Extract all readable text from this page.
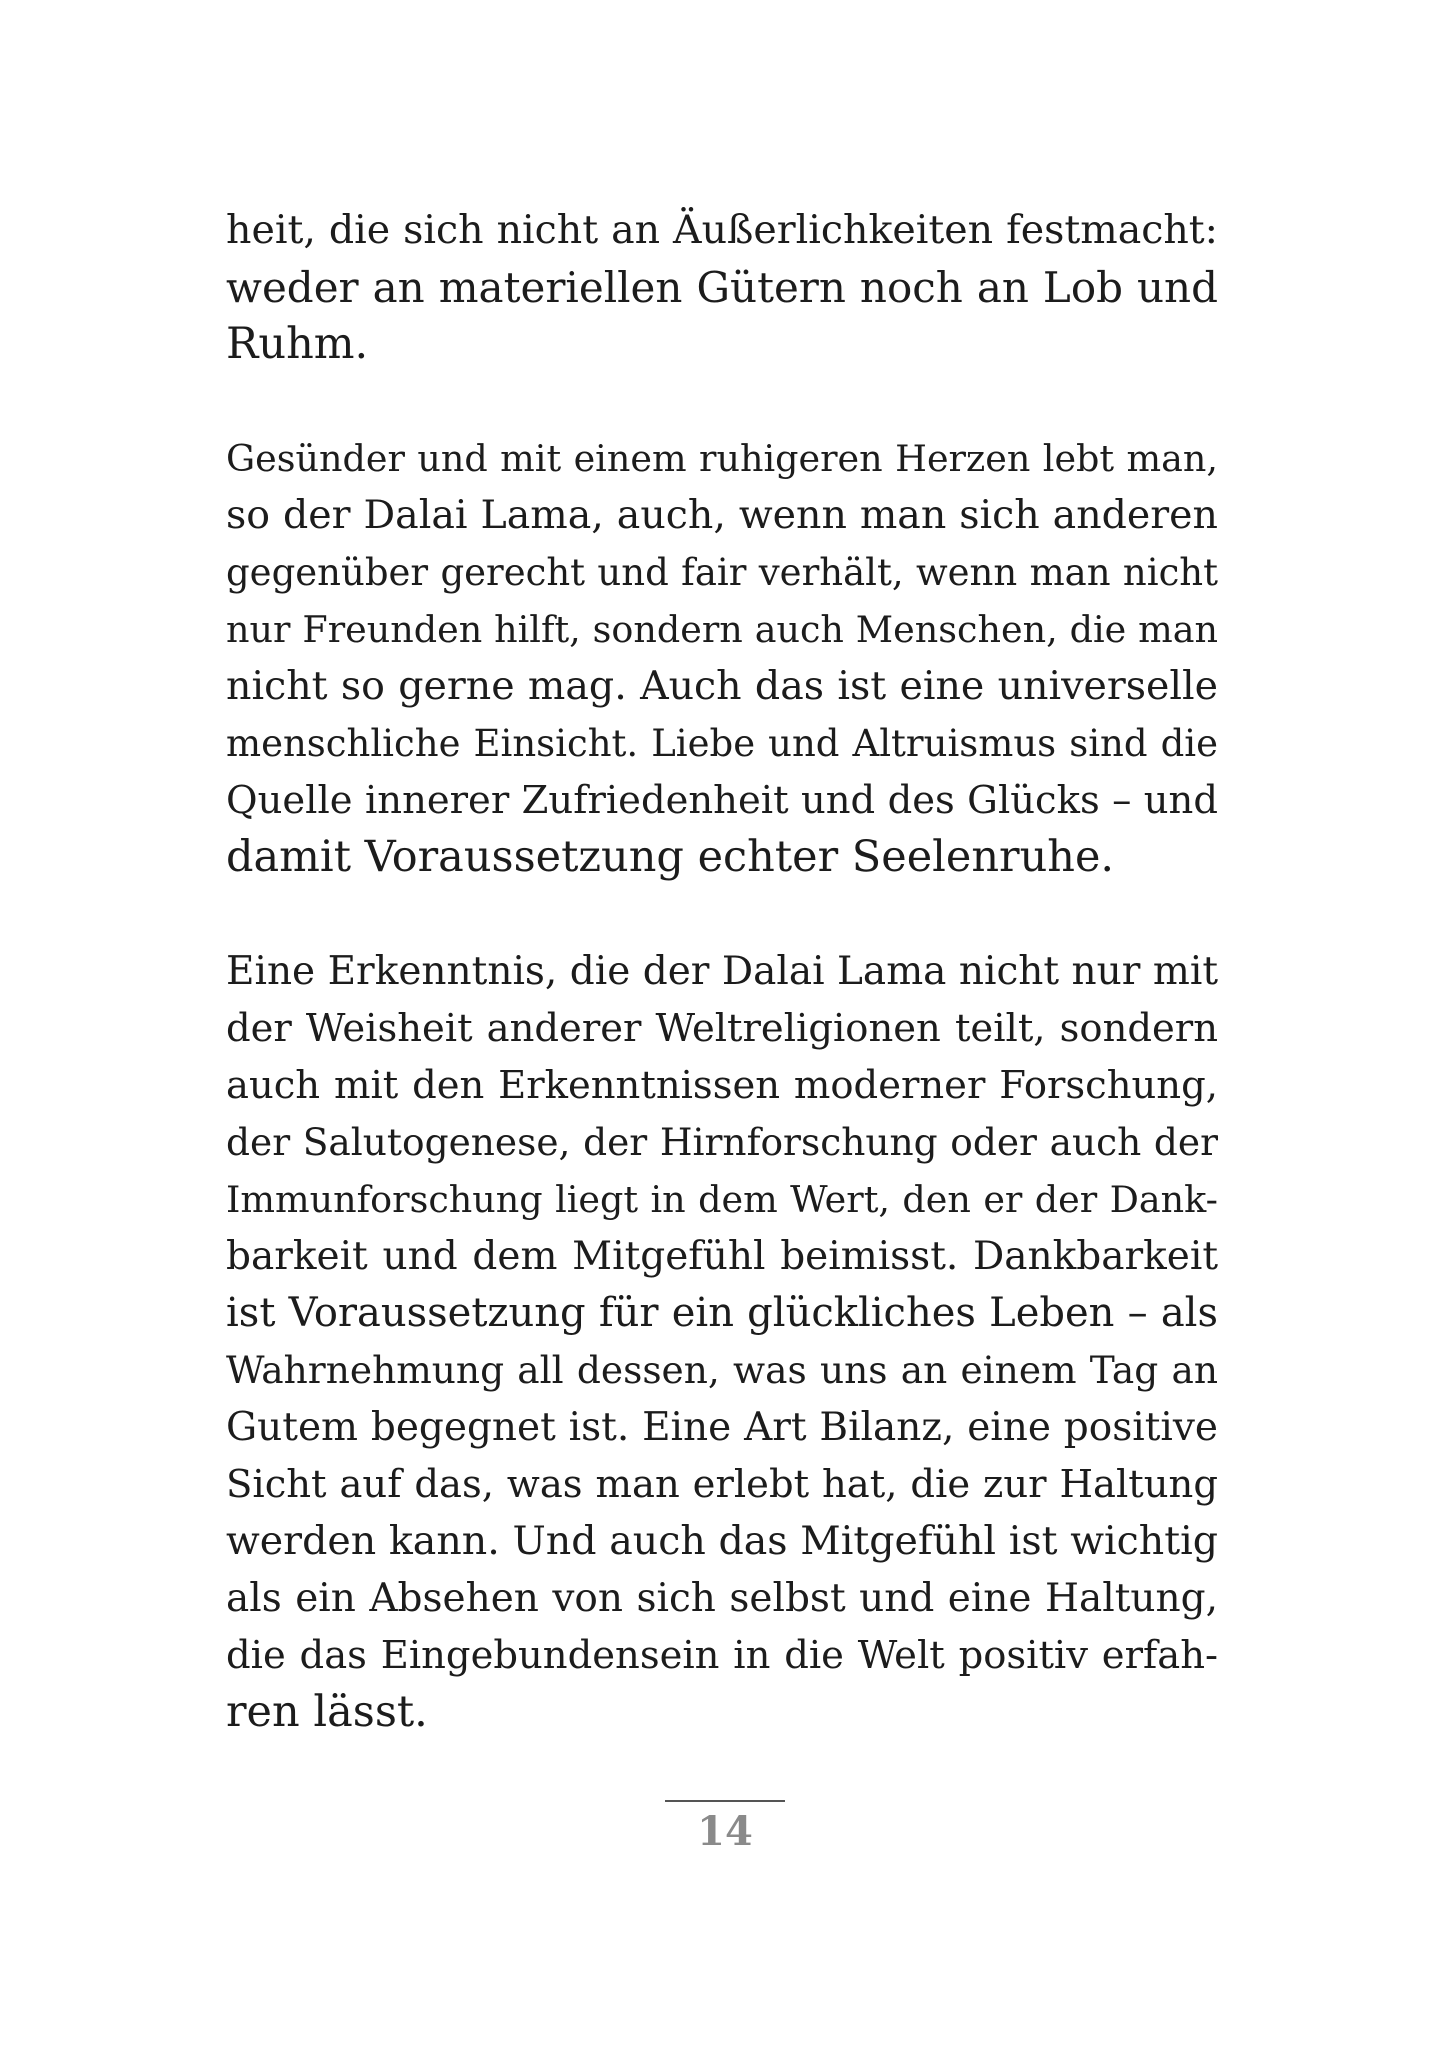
heit, die sich nicht an Äußerlichkeiten festmacht:
weder an materiellen Gütern noch an Lob und
Ruhm.
Gesünder und mit einem ruhigeren Herzen lebt man,
so der Dalai Lama, auch, wenn man sich anderen
gegenüber gerecht und fair verhält, wenn man nicht
nur Freunden hilft, sondern auch Menschen, die man
nicht so gerne mag. Auch das ist eine universelle
menschliche Einsicht. Liebe und Altruismus sind die
Quelle innerer Zufriedenheit und des Glücks – und
damit Voraussetzung echter Seelenruhe.
Eine Erkenntnis, die der Dalai Lama nicht nur mit
der Weisheit anderer Weltreligionen teilt, sondern
auch mit den Erkenntnissen moderner Forschung,
der Salutogenese, der Hirnforschung oder auch der
Immunforschung liegt in dem Wert, den er der Dank-
barkeit und dem Mitgefühl beimisst. Dankbarkeit
ist Voraussetzung für ein glückliches Leben – als
Wahrnehmung all dessen, was uns an einem Tag an
Gutem begegnet ist. Eine Art Bilanz, eine positive
Sicht auf das, was man erlebt hat, die zur Haltung
werden kann. Und auch das Mitgefühl ist wichtig
als ein Absehen von sich selbst und eine Haltung,
die das Eingebundensein in die Welt positiv erfah-
ren lässt.
14
